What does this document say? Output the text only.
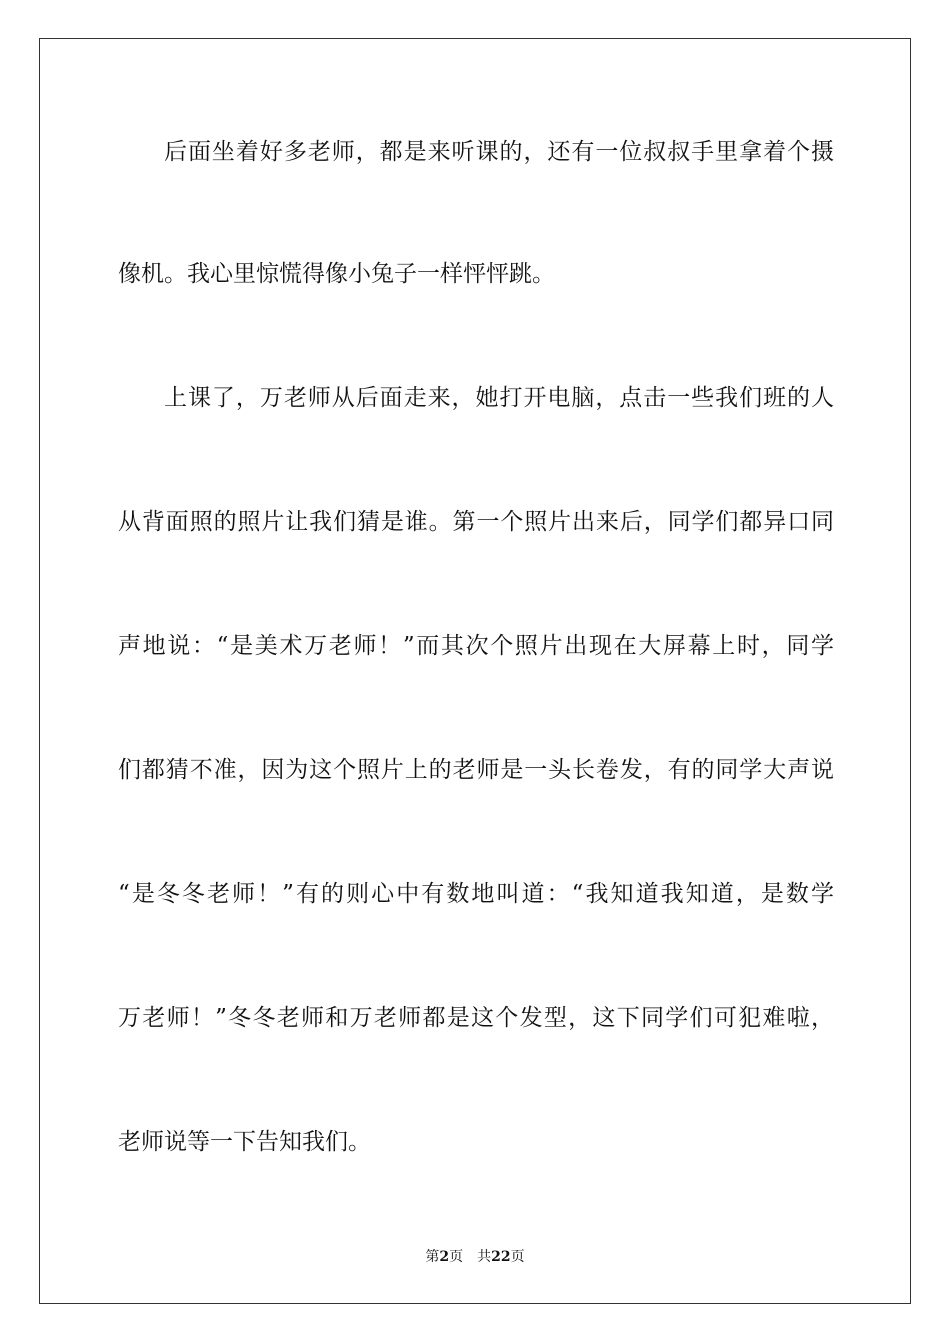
后面坐着好多老师，都是来听课的，还有一位叔叔手里拿着个摄
像机。我心里惊慌得像小兔子一样怦怦跳。
上课了，万老师从后面走来，她打开电脑，点击一些我们班的人
从背面照的照片让我们猜是谁。第一个照片出来后，同学们都异口同
声地说：“是美术万老师！”而其次个照片出现在大屏幕上时，同学
们都猜不准，因为这个照片上的老师是一头长卷发，有的同学大声说
“是冬冬老师！”有的则心中有数地叫道：“我知道我知道，是数学
万老师！”冬冬老师和万老师都是这个发型，这下同学们可犯难啦，
老师说等一下告知我们。
第2页 共22页
